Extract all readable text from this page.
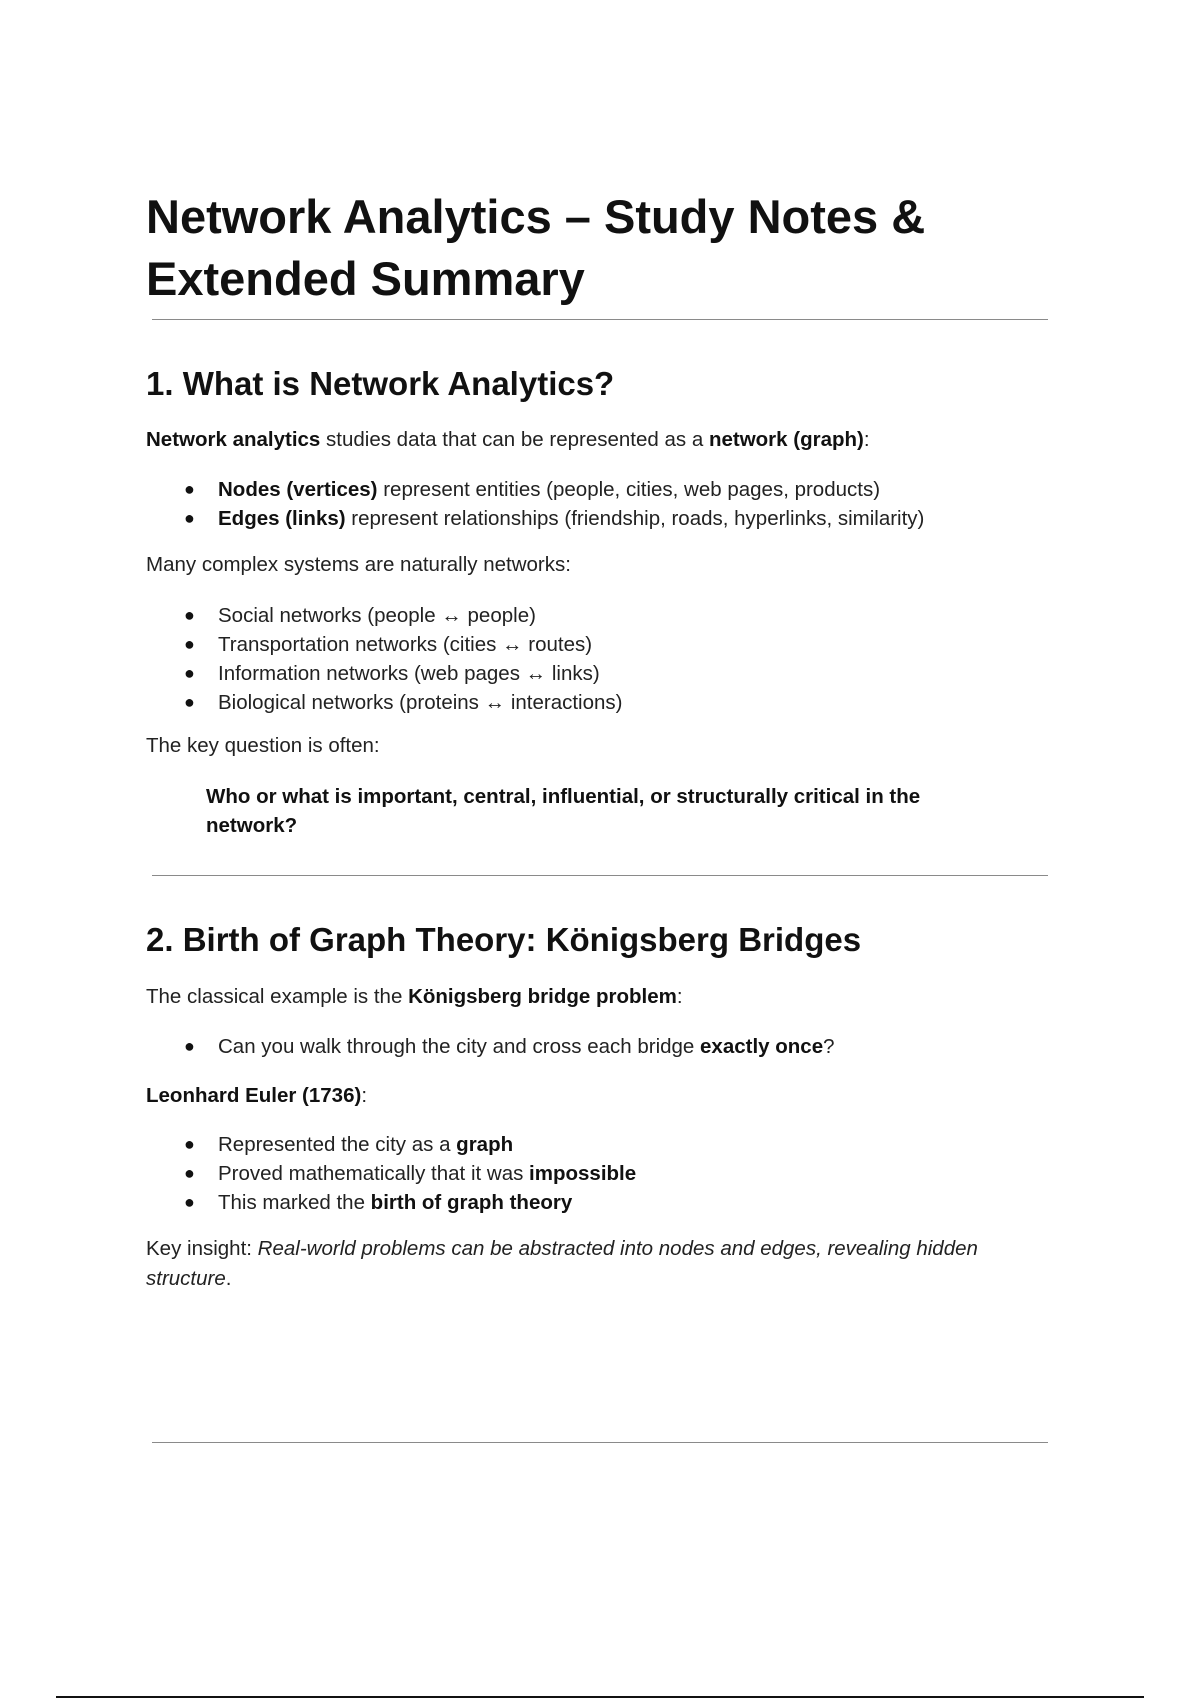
Network Analytics – Study Notes &
Extended Summary
1. What is Network Analytics?

Network analytics studies data that can be represented as a network (graph):

● Nodes (vertices) represent entities (people, cities, web pages, products)
● Edges (links) represent relationships (friendship, roads, hyperlinks, similarity)

Many complex systems are naturally networks:

● Social networks (people ↔ people)
● Transportation networks (cities ↔ routes)
● Information networks (web pages ↔ links)
● Biological networks (proteins ↔ interactions)

The key question is often:

Who or what is important, central, influential, or structurally critical in the
network?

2. Birth of Graph Theory: Königsberg Bridges

The classical example is the Königsberg bridge problem:

● Can you walk through the city and cross each bridge exactly once?

Leonhard Euler (1736):

● Represented the city as a graph
● Proved mathematically that it was impossible
● This marked the birth of graph theory

Key insight: Real-world problems can be abstracted into nodes and edges, revealing hidden
structure.
